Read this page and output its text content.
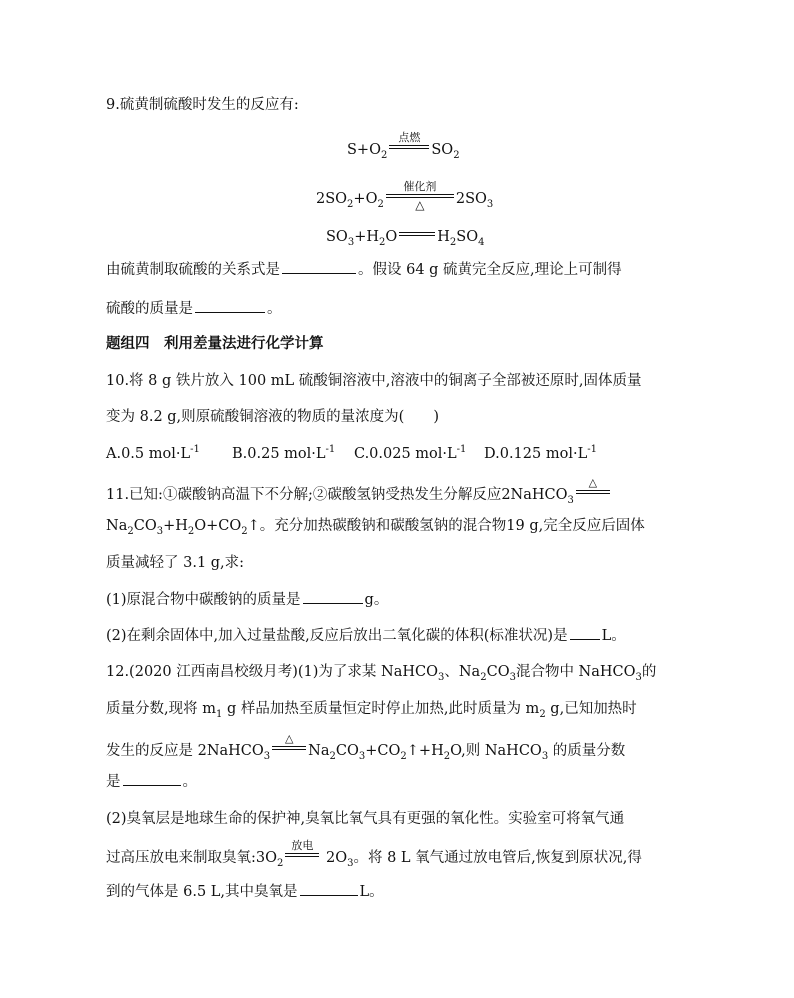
9.硫黄制硫酸时发生的反应有:
$S+O_2$
点燃
$SO_2$
$2SO_2+O_2$
催化剂
△	$2SO_3$
$SO_3+H_2O$	$H_2SO_4$
由硫黄制取硫酸的关系式是	。假设 64 g 硫黄完全反应,理论上可制得
硫酸的质量是	。
题组四　利用差量法进行化学计算
10.将 8 g 铁片放入 100 mL 硫酸铜溶液中,溶液中的铜离子全部被还原时,固体质量
变为 8.2 g,则原硫酸铜溶液的物质的量浓度为(　　)
A.0.5 $mol\cdot L^{-1}$ B.0.25 $mol\cdot L^{-1}$ C.0.025 $mol\cdot L^{-1}$ D.0.125 $mol\cdot L^{-1}$
11.已知:①碳酸钠高温下不分解;②碳酸氢钠受热发生分解反应2NaHCO$_3$
△
$Na_2CO_3+H_2O+CO_2↑$。充分加热碳酸钠和碳酸氢钠的混合物19 g,完全反应后固体
质量减轻了 3.1 g,求:
(1)原混合物中碳酸钠的质量是	g。
(2)在剩余固体中,加入过量盐酸,反应后放出二氧化碳的体积(标准状况)是 L。
12.(2020 江西南昌校级月考)(1)为了求某 NaHCO$_3$、$Na_2CO_3$混合物中 NaHCO$_3$的
质量分数,现将 $m_1$ g 样品加热至质量恒定时停止加热,此时质量为 $m_2$ g,已知加热时
发生的反应是 2NaHCO$_3$
△
$Na_2CO_3+CO_2↑+H_2O$,则 NaHCO$_3$ 的质量分数
是	。
(2)臭氧层是地球生命的保护神,臭氧比氧气具有更强的氧化性。实验室可将氧气通
过高压放电来制取臭氧$:3O_2$
放电
$2O_3$。将 8 L 氧气通过放电管后,恢复到原状况,得
到的气体是 6.5 L,其中臭氧是	L。
